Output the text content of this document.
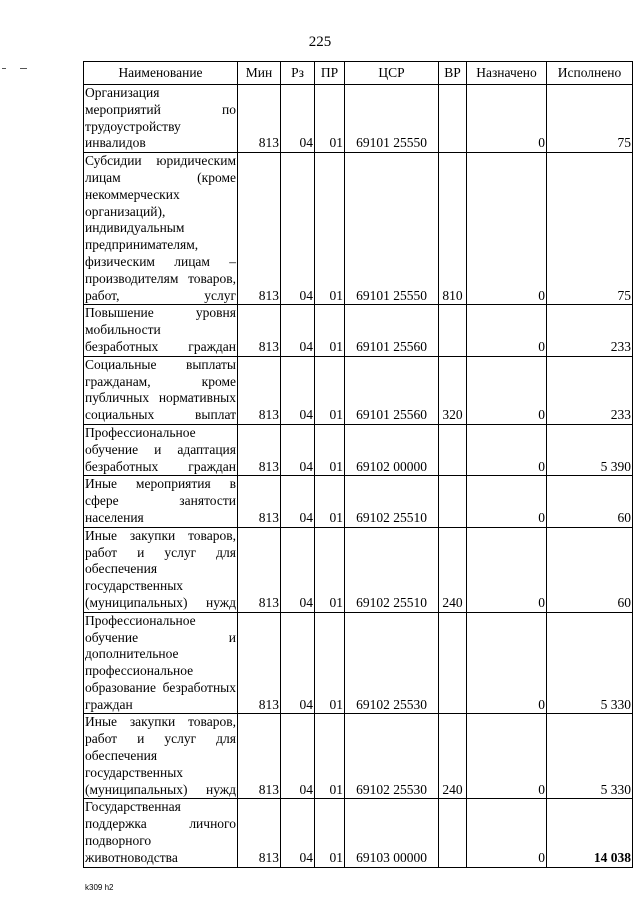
225
Наименование	Мин	Рз	ПР	ЦСР	ВР	Назначено	Исполнено
Организация мероприятий по трудоустройству инвалидов	813	04	01	69101 25550		0	75
Субсидии юридическим лицам (кроме некоммерческих организаций), индивидуальным предпринимателям, физическим лицам – производителям товаров, работ, услуг	813	04	01	69101 25550	810	0	75
Повышение уровня мобильности безработных граждан	813	04	01	69101 25560		0	233
Социальные выплаты гражданам, кроме публичных нормативных социальных выплат	813	04	01	69101 25560	320	0	233
Профессиональное обучение и адаптация безработных граждан	813	04	01	69102 00000		0	5 390
Иные мероприятия в сфере занятости населения	813	04	01	69102 25510		0	60
Иные закупки товаров, работ и услуг для обеспечения государственных (муниципальных) нужд	813	04	01	69102 25510	240	0	60
Профессиональное обучение и дополнительное профессиональное образование безработных граждан	813	04	01	69102 25530		0	5 330
Иные закупки товаров, работ и услуг для обеспечения государственных (муниципальных) нужд	813	04	01	69102 25530	240	0	5 330
Государственная поддержка личного подворного животноводства	813	04	01	69103 00000		0	14 038
k309 h2
